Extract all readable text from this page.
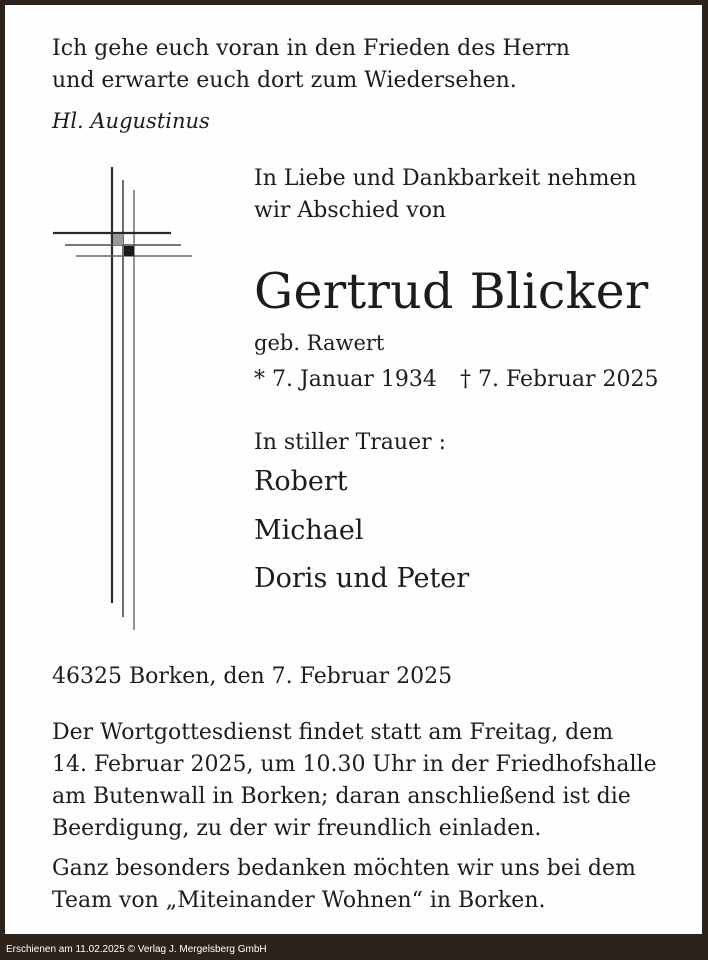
Ich gehe euch voran in den Frieden des Herrn
und erwarte euch dort zum Wiedersehen.
Hl. Augustinus
In Liebe und Dankbarkeit nehmen
wir Abschied von
Gertrud Blicker
geb. Rawert
* 7. Januar 1934 † 7. Februar 2025
In stiller Trauer :
Robert
Michael
Doris und Peter
46325 Borken, den 7. Februar 2025
Der Wortgottesdienst findet statt am Freitag, dem
14. Februar 2025, um 10.30 Uhr in der Friedhofshalle
am Butenwall in Borken; daran anschließend ist die
Beerdigung, zu der wir freundlich einladen.
Ganz besonders bedanken möchten wir uns bei dem
Team von „Miteinander Wohnen“ in Borken.
Erschienen am 11.02.2025 © Verlag J. Mergelsberg GmbH
